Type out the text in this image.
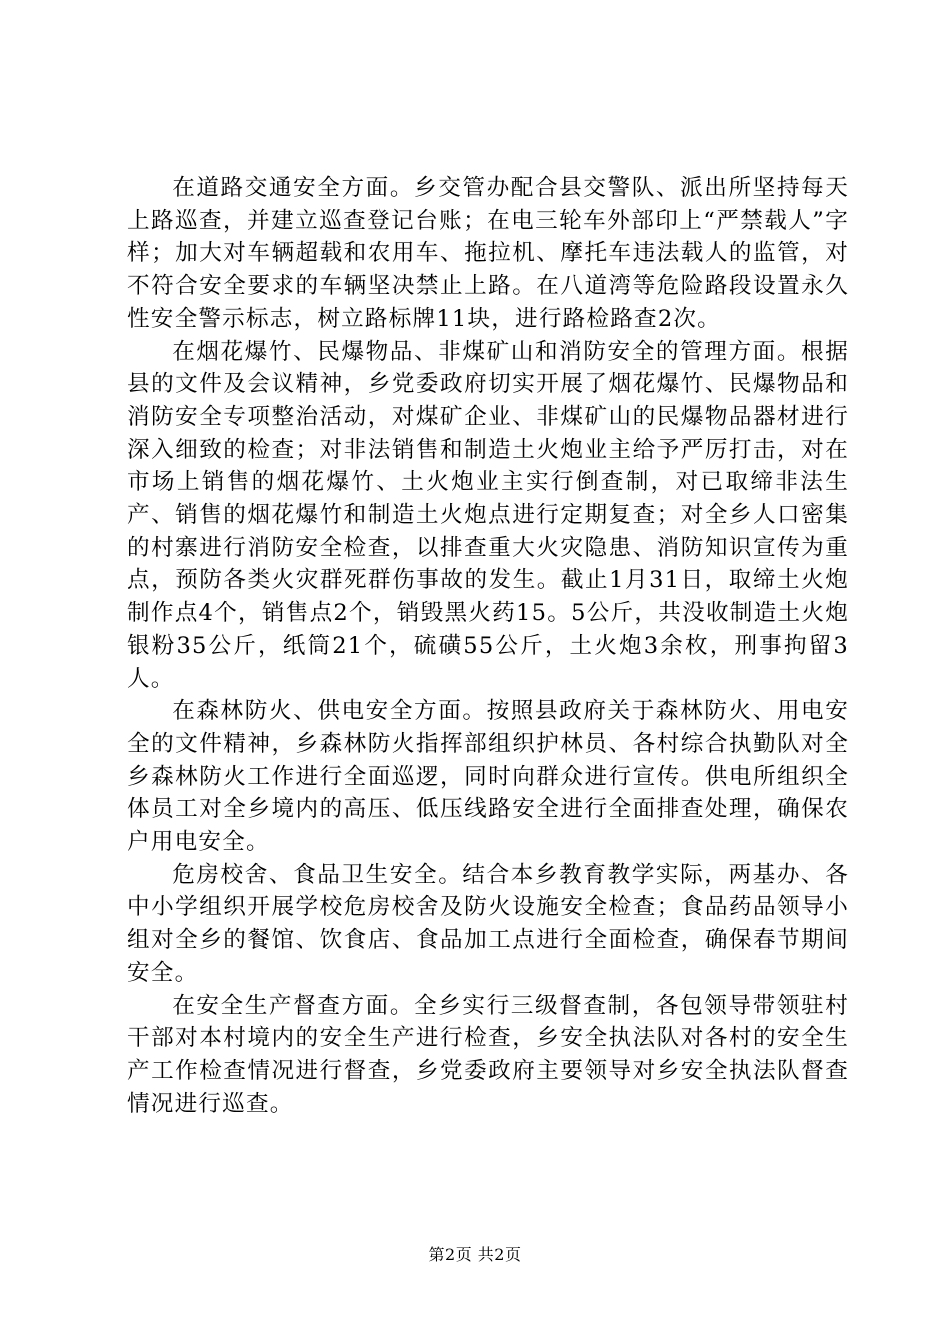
在道路交通安全方面。乡交管办配合县交警队、派出所坚持每天上路巡查，并建立巡查登记台账；在电三轮车外部印上“严禁载人”字样；加大对车辆超载和农用车、拖拉机、摩托车违法载人的监管，对不符合安全要求的车辆坚决禁止上路。在八道湾等危险路段设置永久性安全警示标志，树立路标牌11块，进行路检路查2次。

在烟花爆竹、民爆物品、非煤矿山和消防安全的管理方面。根据县的文件及会议精神，乡党委政府切实开展了烟花爆竹、民爆物品和消防安全专项整治活动，对煤矿企业、非煤矿山的民爆物品器材进行深入细致的检查；对非法销售和制造土火炮业主给予严厉打击，对在市场上销售的烟花爆竹、土火炮业主实行倒查制，对已取缔非法生产、销售的烟花爆竹和制造土火炮点进行定期复查；对全乡人口密集的村寨进行消防安全检查，以排查重大火灾隐患、消防知识宣传为重点，预防各类火灾群死群伤事故的发生。截止1月31日，取缔土火炮制作点4个，销售点2个，销毁黑火药15。5公斤，共没收制造土火炮银粉35公斤，纸筒21个，硫磺55公斤，土火炮3余枚，刑事拘留3人。

在森林防火、供电安全方面。按照县政府关于森林防火、用电安全的文件精神，乡森林防火指挥部组织护林员、各村综合执勤队对全乡森林防火工作进行全面巡逻，同时向群众进行宣传。供电所组织全体员工对全乡境内的高压、低压线路安全进行全面排查处理，确保农户用电安全。

危房校舍、食品卫生安全。结合本乡教育教学实际，两基办、各中小学组织开展学校危房校舍及防火设施安全检查；食品药品领导小组对全乡的餐馆、饮食店、食品加工点进行全面检查，确保春节期间安全。

在安全生产督查方面。全乡实行三级督查制，各包领导带领驻村干部对本村境内的安全生产进行检查，乡安全执法队对各村的安全生产工作检查情况进行督查，乡党委政府主要领导对乡安全执法队督查情况进行巡查。

第2页 共2页
